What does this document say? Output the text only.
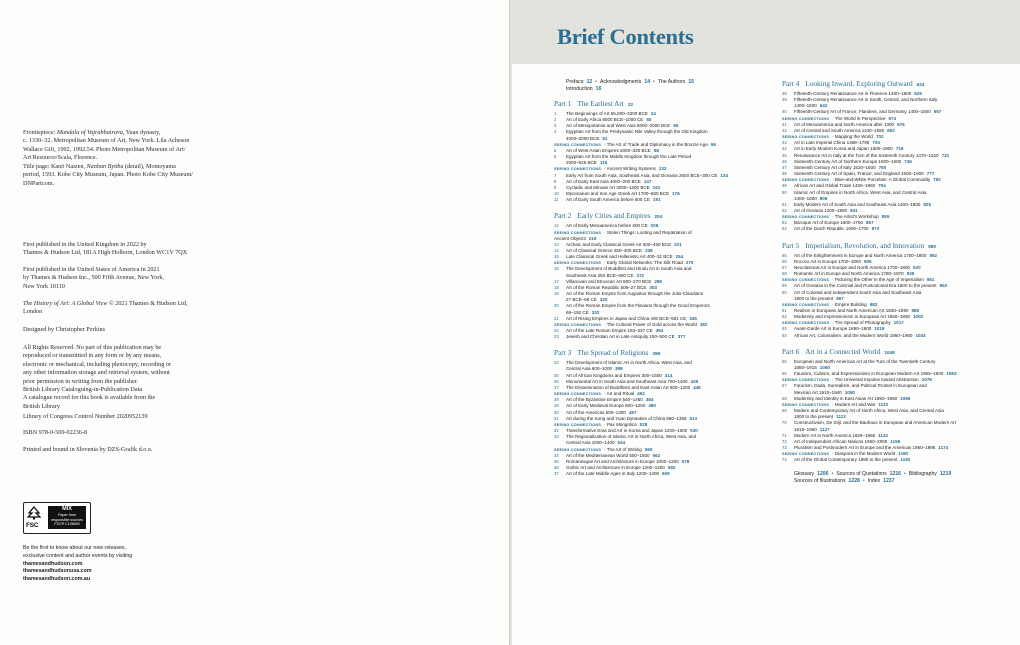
Frontispiece: Mandala of Vajrabhairava, Yuan dynasty,

c. 1330–32. Metropolitan Museum of Art, New York. Lila Acheson

Wallace Gift, 1992, 1992.54. Photo Metropolitan Museum of Art/

Art Resource/Scala, Florence.

Title page: Kanō Naizen, Nanban Byōbu (detail), Momoyama

period, 1593. Kobe City Museum, Japan. Photo Kobe City Museum/

DNPartcom.

First published in the United Kingdom in 2022 by

Thames & Hudson Ltd, 181A High Holborn, London WC1V 7QX

First published in the United States of America in 2021

by Thames & Hudson Inc., 500 Fifth Avenue, New York,

New York 10110

The History of Art: A Global View © 2021 Thames & Hudson Ltd,

London

Designed by Christopher Perkins

All Rights Reserved. No part of this publication may be

reproduced or transmitted in any form or by any means,

electronic or mechanical, including photocopy, recording or

any other information storage and retrieval system, without

prior permission in writing from the publisher.

British Library Cataloguing-in-Publication Data

A catalogue record for this book is available from the

British Library

Library of Congress Control Number 2020952139

ISBN 978-0-500-02236-8

Printed and bound in Slovenia by DZS-Grafik d.o.o.

FSC
MIX
Paper from
responsible sources
FSC® C106600
Be the first to know about our new releases,
exclusive content and author events by visiting
thamesandhudson.com
thamesandhudsonusa.com
thamesandhudson.com.au
Brief Contents
Preface 12 • Acknowledgments 14 • The Authors 15
Introduction 16
Part 1 The Earliest Art 22
1 The Beginnings of Art 65,000–3200 BCE 24
2 Art of Early Africa 8000 BCE–1000 CE 50
3 Art of Mesopotamia and West Asia 5000–2000 BCE 65
4 Egyptian Art from the Predynastic Nile Valley through the Old Kingdom
4000–2000 BCE 81
SEEING CONNECTIONS · The Art of Trade and Diplomacy in the Bronze Age 96
5 Art of West Asian Empires 2000–330 BCE 98
6 Egyptian Art from the Middle Kingdom through the Late Period
2000–525 BCE 115
SEEING CONNECTIONS · Ancient Writing Systems 132
7 Early Art from South Asia, Southeast Asia, and Oceania 2600 BCE–300 CE 134
8 Art of Early East Asia 4000–200 BCE 147
9 Cycladic and Minoan Art 3000–1200 BCE 161
10 Mycenaean and Iron Age Greek Art 1700–600 BCE 176
11 Art of Early South America before 600 CE 191
Part 2 Early Cities and Empires 204
12 Art of Early Mesoamerica before 600 CE 206
SEEING CONNECTIONS · Stolen Things: Looting and Repatriation of
Ancient Objects 219
13 Archaic and Early Classical Greek Art 600–460 BCE 221
14 Art of Classical Greece 450–400 BCE 238
15 Late Classical Greek and Hellenistic Art 400–31 BCE 254
SEEING CONNECTIONS · Early Global Networks: The Silk Road 270
16 The Development of Buddhist and Hindu Art in South Asia and
Southeast Asia 250 BCE–600 CE 272
17 Villanovan and Etruscan Art 900–270 BCE 289
18 Art of the Roman Republic 509–27 BCE 303
19 Art of the Roman Empire from Augustus through the Julio-Claudians
27 BCE–68 CE 320
20 Art of the Roman Empire from the Flavians through the Good Emperors
69–192 CE 332
21 Art of Rising Empires in Japan and China 400 BCE–581 CE 346
SEEING CONNECTIONS · The Cultural Power of Gold across the World 362
22 Art of the Late Roman Empire 193–337 CE 364
23 Jewish and Christian Art in Late Antiquity 150–500 CE 377
Part 3 The Spread of Religions 396
24 The Development of Islamic Art in North Africa, West Asia, and
Central Asia 600–1000 398
25 Art of African Kingdoms and Empires 300–1500 414
26 Monumental Art in South Asia and Southeast Asia 700–1400 429
27 The Dissemination of Buddhism and East Asian Art 500–1200 446
SEEING CONNECTIONS · Art and Ritual 462
28 Art of the Byzantine Empire 540–1450 464
29 Art of Early Medieval Europe 600–1250 480
30 Art of the Americas 600–1300 497
31 Art during the Song and Yuan Dynasties of China 960–1368 513
SEEING CONNECTIONS · Pax Mongolica 528
32 Transformative Eras and Art in Korea and Japan 1200–1600 530
33 The Regionalization of Islamic Art in North Africa, West Asia, and
Central Asia 1000–1400 544
SEEING CONNECTIONS · The Art of Writing 560
34 Art of the Mediterranean World 500–1500 562
35 Romanesque Art and Architecture in Europe 1000–1200 578
36 Gothic Art and Architecture in Europe 1200–1400 592
37 Art of the Late Middle Ages in Italy 1200–1400 609
Part 4 Looking Inward, Exploring Outward 624
38 Fifteenth-Century Renaissance Art in Florence 1400–1500 626
39 Fifteenth-Century Renaissance Art in South, Central, and Northern Italy
1400–1500 642
40 Fifteenth-Century Art of France, Flanders, and Germany 1400–1500 657
SEEING CONNECTIONS · The World in Perspective 674
41 Art of Mesoamerica and North America after 1300 676
42 Art of Central and South America 1100–1550 692
SEEING CONNECTIONS · Mapping the World 702
43 Art in Late Imperial China 1368–1795 704
44 Art in Early Modern Korea and Japan 1600–1900 718
45 Renaissance Art in Italy at the Turn of the Sixteenth Century 1470–1520 731
46 Sixteenth-Century Art of Northern Europe 1500–1600 746
47 Sixteenth Century Art of Italy 1520–1600 760
48 Sixteenth Century Art of Spain, France, and England 1500–1600 777
SEEING CONNECTIONS · Blue-and-White Porcelain: A Global Commodity 792
49 African Art and Global Trade 1450–1960 794
50 Islamic Art of Empires in North Africa, West Asia, and Central Asia
1400–1800 808
51 Early Modern Art of South Asia and Southeast Asia 1400–1800 825
52 Art of Oceania 1200–1900 841
SEEING CONNECTIONS · The Artist's Workshop 855
53 Baroque Art of Europe 1600–1750 857
54 Art of the Dutch Republic 1600–1700 873
Part 5 Imperialism, Revolution, and Innovation 890
55 Art of the Enlightenment in Europe and North America 1700–1800 892
56 Rococo Art in Europe 1700–1800 905
57 Neoclassical Art in Europe and North America 1700–1800 920
58 Romantic Art in Europe and North America 1780–1870 935
SEEING CONNECTIONS · Picturing the Other in the Age of Imperialism 951
59 Art of Oceania in the Colonial and Postcolonial Era 1800 to the present 953
60 Art of Colonial and Independent South Asia and Southeast Asia
1800 to the present 967
SEEING CONNECTIONS · Empire Building 983
61 Realism in European and North American Art 1830–1890 985
62 Modernity and Impressionism in European Art 1860–1890 1002
SEEING CONNECTIONS · The Spread of Photography 1017
63 Avant-Garde Art in Europe 1880–1900 1019
64 African Art, Colonialism, and the Modern World 1860–1960 1034
Part 6 Art in a Connected World 1048
65 European and North American Art at the Turn of the Twentieth Century
1880–1915 1050
66 Fauvism, Cubism, and Expressionism in European Modern Art 1905–1930 1063
SEEING CONNECTIONS · The Universal Impulse toward Abstraction 1078
67 Futurism, Dada, Surrealism, and Political Protest in European and
Mexican Art 1910–1940 1080
68 Modernity and Identity in East Asian Art 1850–1960 1095
SEEING CONNECTIONS · Modern Art and War 1110
69 Modern and Contemporary Art of North Africa, West Asia, and Central Asia
1800 to the present 1112
70 Constructivism, De Stijl, and the Bauhaus in European and American Modern Art
1915–1960 1127
71 Modern Art in North America 1925–1965 1142
72 Art of Independent African Nations 1960–2000 1159
73 Pluralism and Postmodern Art in Europe and the Americas 1960–1995 1174
SEEING CONNECTIONS · Diaspora in the Modern World 1190
74 Art of the Global Contemporary 1980 to the present 1192
Glossary 1206 • Sources of Quotations 1216 • Bibliography 1219
Sources of Illustrations 1228 • Index 1237
